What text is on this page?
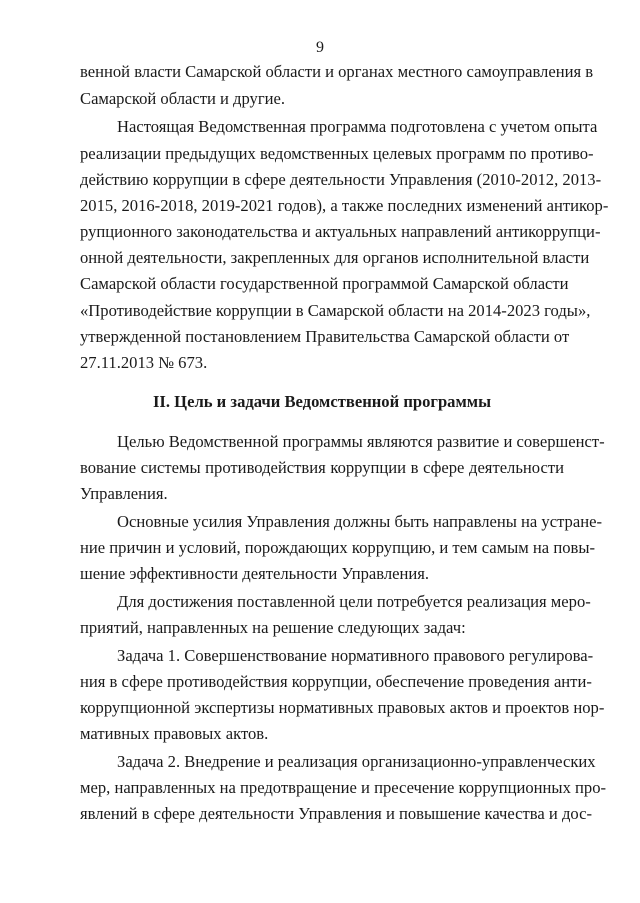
9
венной власти Самарской области и органах местного самоуправления в
Самарской области и другие.
Настоящая Ведомственная программа подготовлена с учетом опыта
реализации предыдущих ведомственных целевых программ по противо-
действию коррупции в сфере деятельности Управления (2010-2012, 2013-
2015, 2016-2018, 2019-2021 годов), а также последних изменений антикор-
рупционного законодательства и актуальных направлений антикоррупци-
онной деятельности, закрепленных для органов исполнительной власти
Самарской области государственной программой Самарской области
«Противодействие коррупции в Самарской области на 2014-2023 годы»,
утвержденной постановлением Правительства Самарской области от
27.11.2013 № 673.
II. Цель и задачи Ведомственной программы
Целью Ведомственной программы являются развитие и совершенст-
вование системы противодействия коррупции в сфере деятельности
Управления.
Основные усилия Управления должны быть направлены на устране-
ние причин и условий, порождающих коррупцию, и тем самым на повы-
шение эффективности деятельности Управления.
Для достижения поставленной цели потребуется реализация меро-
приятий, направленных на решение следующих задач:
Задача 1. Совершенствование нормативного правового регулирова-
ния в сфере противодействия коррупции, обеспечение проведения анти-
коррупционной экспертизы нормативных правовых актов и проектов нор-
мативных правовых актов.
Задача 2. Внедрение и реализация организационно-управленческих
мер, направленных на предотвращение и пресечение коррупционных про-
явлений в сфере деятельности Управления и повышение качества и дос-
